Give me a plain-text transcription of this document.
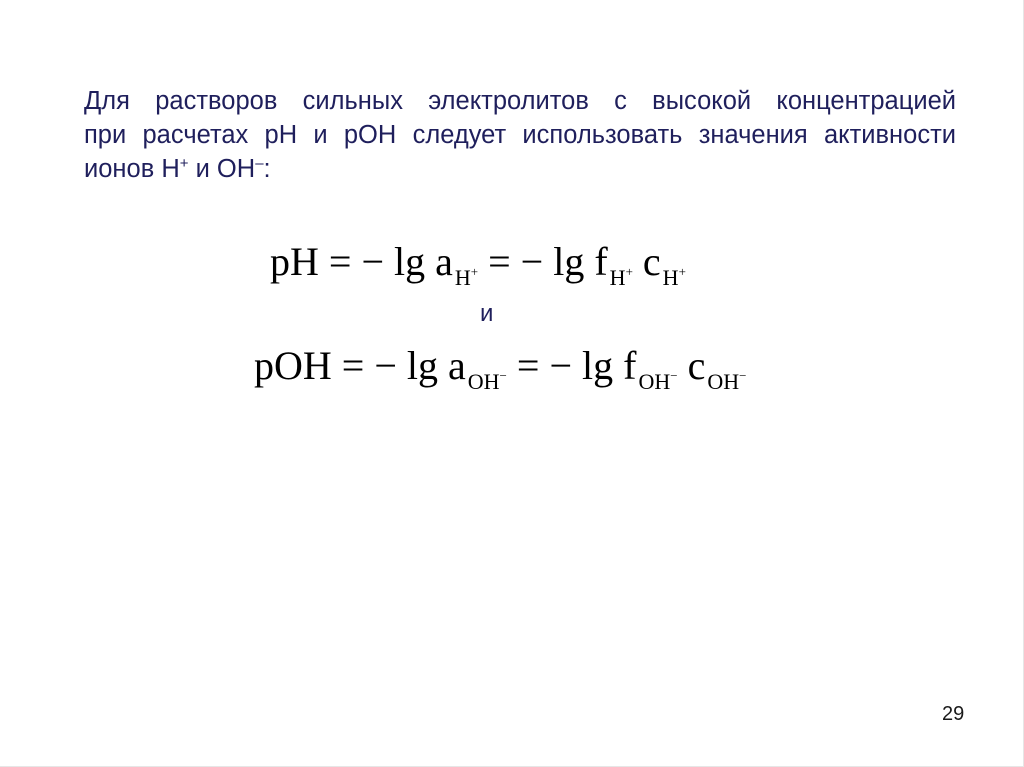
Для растворов сильных электролитов с высокой концентрацией
при расчетах pH и pOH следует использовать значения активности
ионов H+ и OH–:
pH = − lg aH+ = − lg fH+ cH+
и
pOH = − lg aOH− = − lg fOH− cOH−
29
